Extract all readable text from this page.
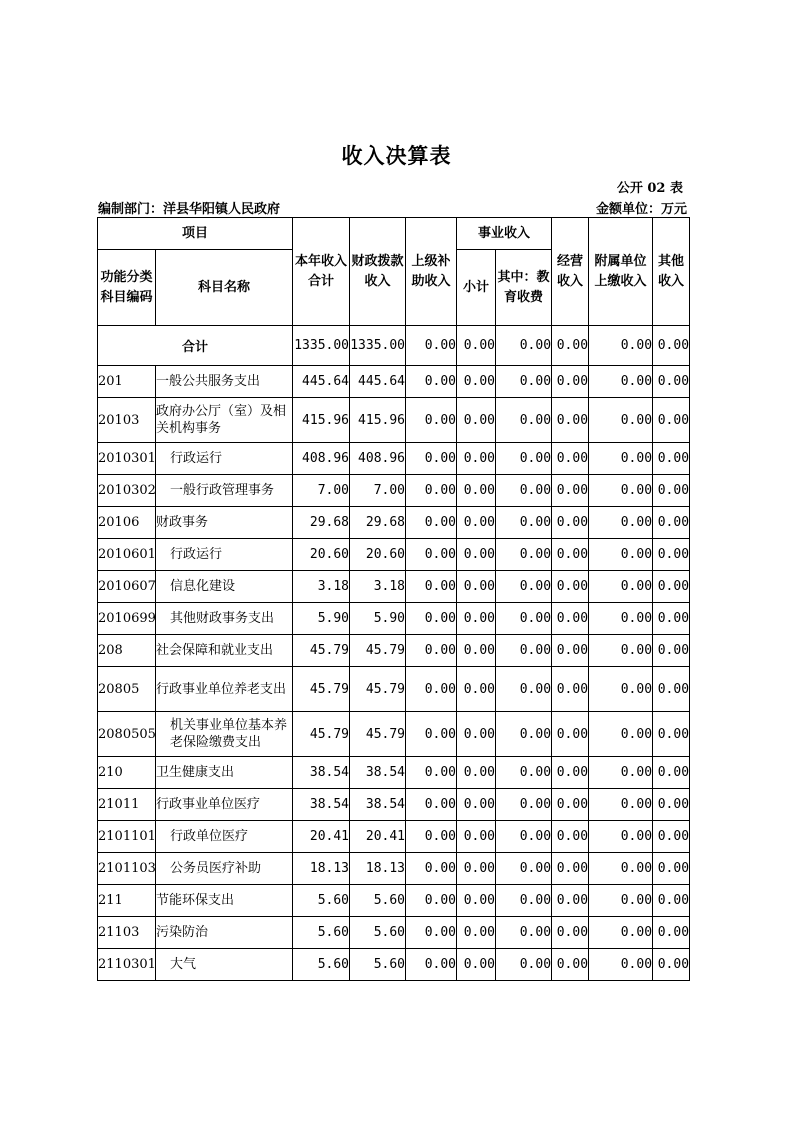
收入决算表
公开 02 表
编制部门：洋县华阳镇人民政府	金额单位：万元
项目		本年收入合计	财政拨款收入	上级补助收入	事业收入		经营收入	附属单位上缴收入	其他收入
功能分类科目编码	科目名称				小计	其中：教育收费			

合计		1335.00	1335.00	0.00	0.00	0.00	0.00	0.00	0.00
201	一般公共服务支出	445.64	445.64	0.00	0.00	0.00	0.00	0.00	0.00
20103	政府办公厅（室）及相关机构事务	415.96	415.96	0.00	0.00	0.00	0.00	0.00	0.00
2010301	行政运行	408.96	408.96	0.00	0.00	0.00	0.00	0.00	0.00
2010302	一般行政管理事务	7.00	7.00	0.00	0.00	0.00	0.00	0.00	0.00
20106	财政事务	29.68	29.68	0.00	0.00	0.00	0.00	0.00	0.00
2010601	行政运行	20.60	20.60	0.00	0.00	0.00	0.00	0.00	0.00
2010607	信息化建设	3.18	3.18	0.00	0.00	0.00	0.00	0.00	0.00
2010699	其他财政事务支出	5.90	5.90	0.00	0.00	0.00	0.00	0.00	0.00
208	社会保障和就业支出	45.79	45.79	0.00	0.00	0.00	0.00	0.00	0.00
20805	行政事业单位养老支出	45.79	45.79	0.00	0.00	0.00	0.00	0.00	0.00
2080505	机关事业单位基本养老保险缴费支出	45.79	45.79	0.00	0.00	0.00	0.00	0.00	0.00
210	卫生健康支出	38.54	38.54	0.00	0.00	0.00	0.00	0.00	0.00
21011	行政事业单位医疗	38.54	38.54	0.00	0.00	0.00	0.00	0.00	0.00
2101101	行政单位医疗	20.41	20.41	0.00	0.00	0.00	0.00	0.00	0.00
2101103	公务员医疗补助	18.13	18.13	0.00	0.00	0.00	0.00	0.00	0.00
211	节能环保支出	5.60	5.60	0.00	0.00	0.00	0.00	0.00	0.00
21103	污染防治	5.60	5.60	0.00	0.00	0.00	0.00	0.00	0.00
2110301	大气	5.60	5.60	0.00	0.00	0.00	0.00	0.00	0.00
